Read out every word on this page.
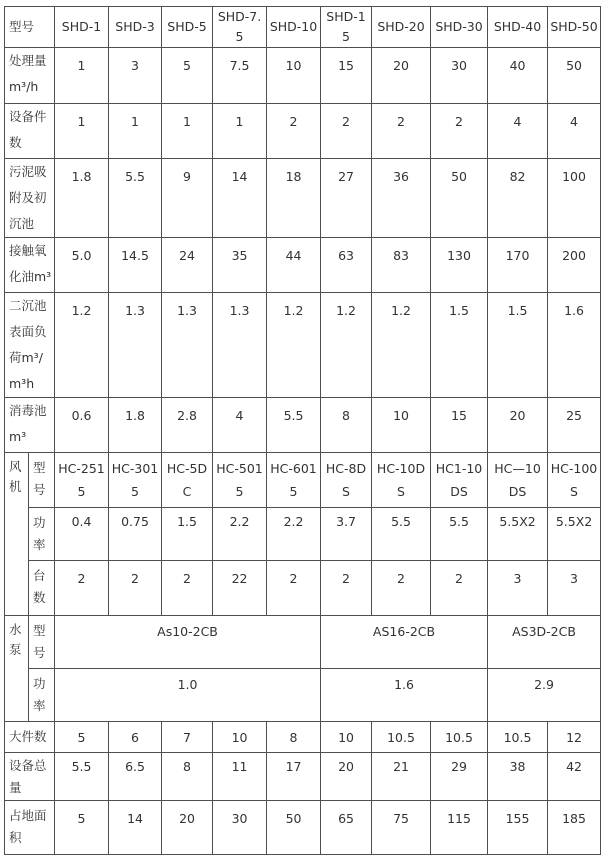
型号		SHD-1	SHD-3	SHD-5	SHD-7.5	SHD-10	SHD-15	SHD-20	SHD-30	SHD-40	SHD-50
处理量m³/h		1	3	5	7.5	10	15	20	30	40	50
设备件数		1	1	1	1	2	2	2	2	4	4
污泥吸附及初沉池		1.8	5.5	9	14	18	27	36	50	82	100
接触氧化油m³		5.0	14.5	24	35	44	63	83	130	170	200
二沉池表面负荷m³/m³h		1.2	1.3	1.3	1.3	1.2	1.2	1.2	1.5	1.5	1.6
消毒池m³		0.6	1.8	2.8	4	5.5	8	10	15	20	25
风机	型号	HC-2515	HC-3015	HC-5DC	HC-5015	HC-6015	HC-8DS	HC-10DS	HC1-10DS	HC—10DS	HC-100S
	功率	0.4	0.75	1.5	2.2	2.2	3.7	5.5	5.5	5.5X2	5.5X2
	台数	2	2	2	22	2	2	2	2	3	3
水泵	型号	As10-2CB					AS16-2CB			AS3D-2CB	
	功率	1.0					1.6			2.9	
大件数		5	6	7	10	8	10	10.5	10.5	10.5	12
设备总量		5.5	6.5	8	11	17	20	21	29	38	42
占地面积		5	14	20	30	50	65	75	115	155	185
